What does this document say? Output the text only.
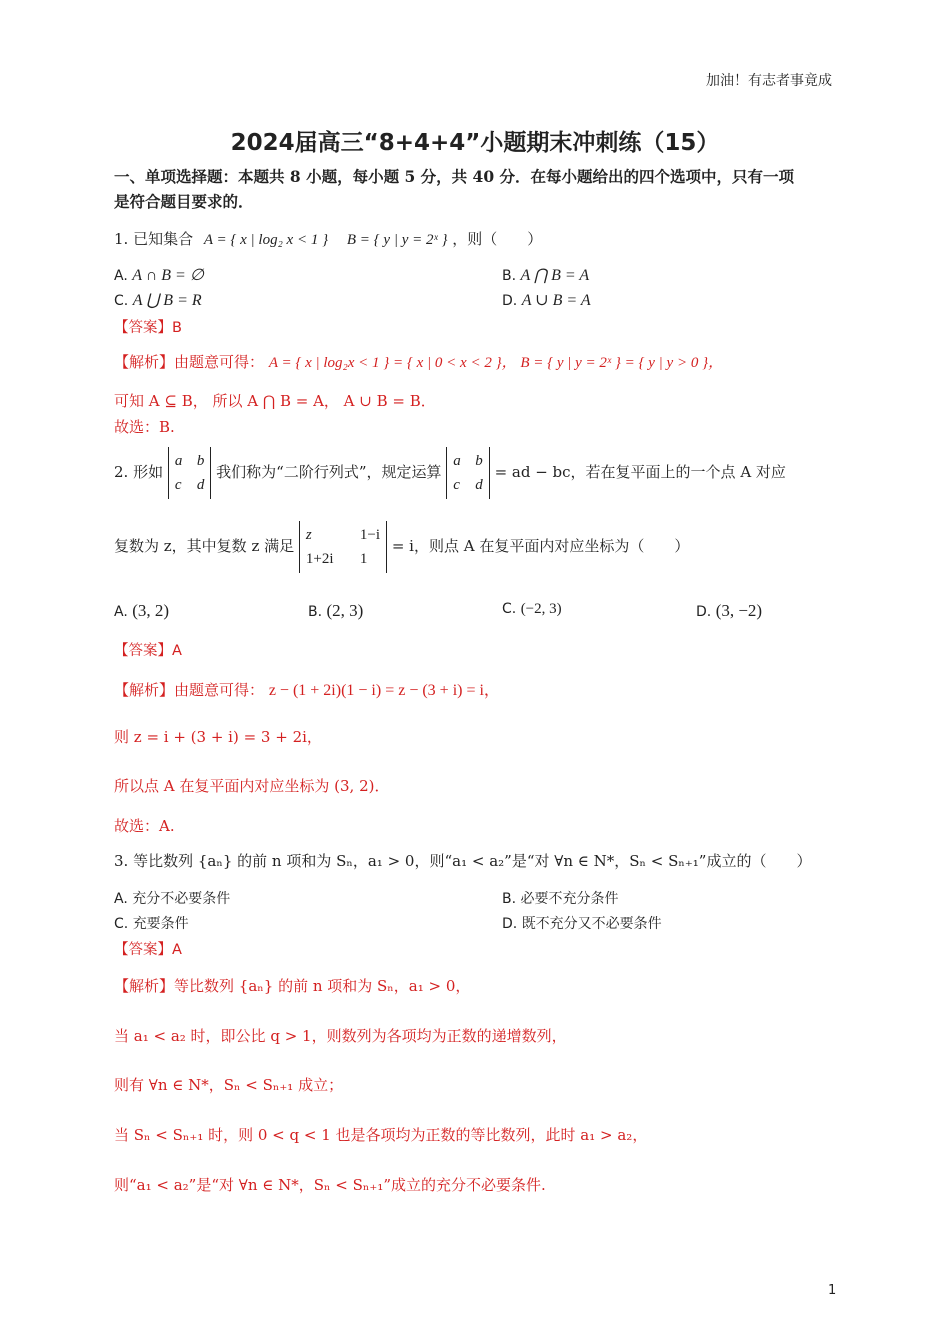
加油！有志者事竟成
2024届高三“8+4+4”小题期末冲刺练（15）
一、单项选择题：本题共 8 小题，每小题 5 分，共 40 分．在每小题给出的四个选项中，只有一项
是符合题目要求的．
1. 已知集合 A = { x | log₂ x < 1 } B = { y | y = 2ˣ } ，则（　　）
A. A ∩ B = ∅	B. A ⋂ B = A
C. A ⋃ B = R	D. A ∪ B = A
【答案】B
【解析】由题意可得： A = { x | log₂x < 1 } = { x | 0 < x < 2 }， B = { y | y = 2ˣ } = { y | y > 0 }，
可知 A ⊆ B， 所以 A ⋂ B = A， A ∪ B = B．
故选：B.
2. 形如 a b
c d 我们称为“二阶行列式”，规定运算 a b
c d = ad − bc，若在复平面上的一个点 A 对应
复数为 z，其中复数 z 满足 z	1−i
1+2i 1 = i，则点 A 在复平面内对应坐标为（　　）
A. (3, 2)	B. (2, 3)	C. (−2, 3)	D. (3, −2)
【答案】A
【解析】由题意可得： z − (1 + 2i)(1 − i) = z − (3 + i) = i，
则 z = i + (3 + i) = 3 + 2i，
所以点 A 在复平面内对应坐标为 (3, 2)．
故选：A.
3. 等比数列 {aₙ} 的前 n 项和为 Sₙ，a₁ > 0，则“a₁ < a₂”是“对 ∀n ∈ N*，Sₙ < Sₙ₊₁”成立的（　　）
A. 充分不必要条件	B. 必要不充分条件
C. 充要条件	D. 既不充分又不必要条件
【答案】A
【解析】等比数列 {aₙ} 的前 n 项和为 Sₙ，a₁ > 0，
当 a₁ < a₂ 时，即公比 q > 1，则数列为各项均为正数的递增数列，
则有 ∀n ∈ N*，Sₙ < Sₙ₊₁ 成立；
当 Sₙ < Sₙ₊₁ 时，则 0 < q < 1 也是各项均为正数的等比数列，此时 a₁ > a₂，
则“a₁ < a₂”是“对 ∀n ∈ N*，Sₙ < Sₙ₊₁”成立的充分不必要条件.
1
